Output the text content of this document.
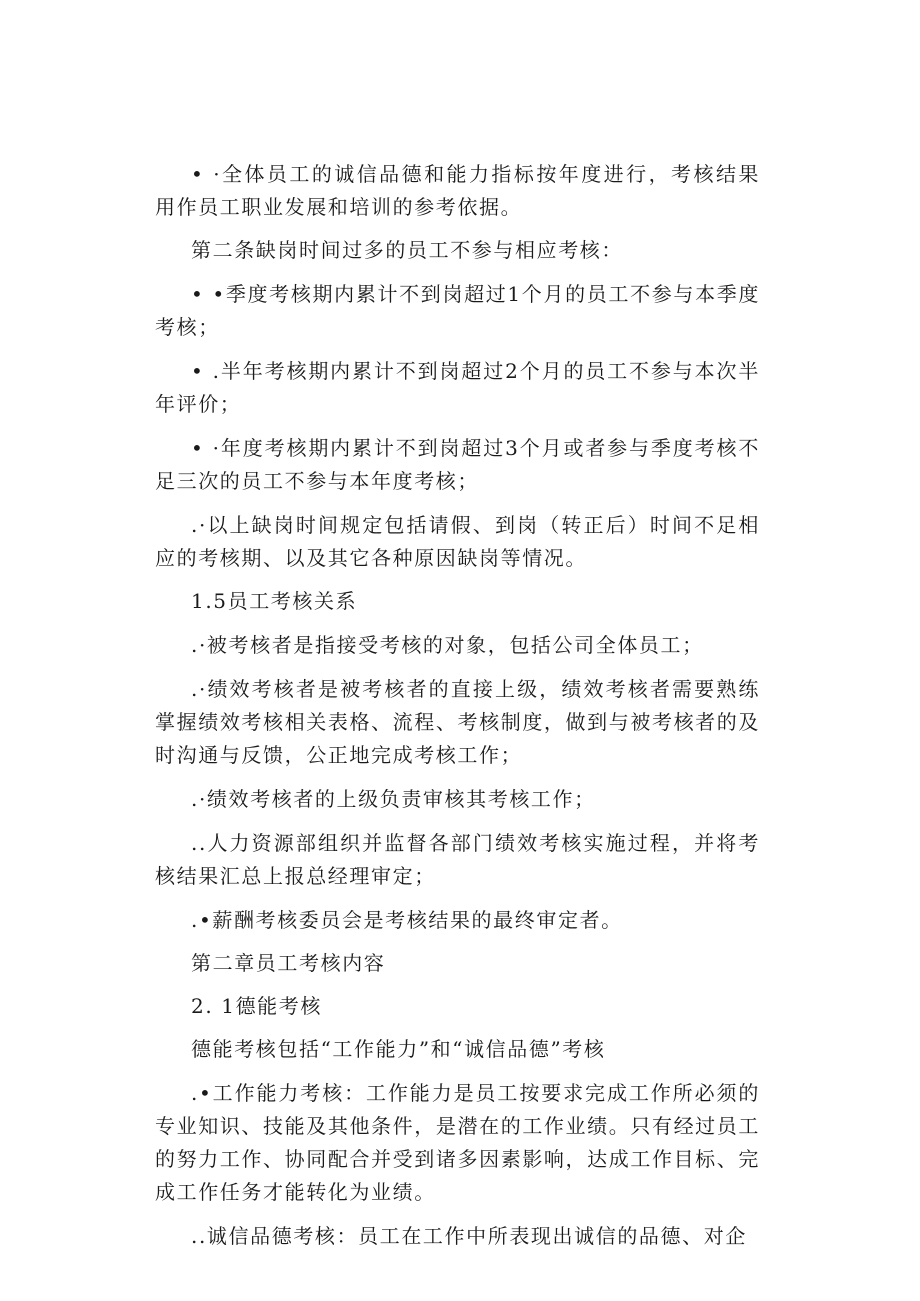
• ·全体员工的诚信品德和能力指标按年度进行，考核结果用作员工职业发展和培训的参考依据。

第二条缺岗时间过多的员工不参与相应考核：

• •季度考核期内累计不到岗超过1个月的员工不参与本季度考核；

• .半年考核期内累计不到岗超过2个月的员工不参与本次半年评价；

• ·年度考核期内累计不到岗超过3个月或者参与季度考核不足三次的员工不参与本年度考核；

.·以上缺岗时间规定包括请假、到岗（转正后）时间不足相应的考核期、以及其它各种原因缺岗等情况。

1.5员工考核关系

.·被考核者是指接受考核的对象，包括公司全体员工；

.·绩效考核者是被考核者的直接上级，绩效考核者需要熟练掌握绩效考核相关表格、流程、考核制度，做到与被考核者的及时沟通与反馈，公正地完成考核工作；

.·绩效考核者的上级负责审核其考核工作；

..人力资源部组织并监督各部门绩效考核实施过程，并将考核结果汇总上报总经理审定；

.•薪酬考核委员会是考核结果的最终审定者。

第二章员工考核内容

2. 1德能考核

德能考核包括“工作能力”和“诚信品德”考核

.•工作能力考核：工作能力是员工按要求完成工作所必须的专业知识、技能及其他条件，是潜在的工作业绩。只有经过员工的努力工作、协同配合并受到诸多因素影响，达成工作目标、完成工作任务才能转化为业绩。

..诚信品德考核：员工在工作中所表现出诚信的品德、对企
